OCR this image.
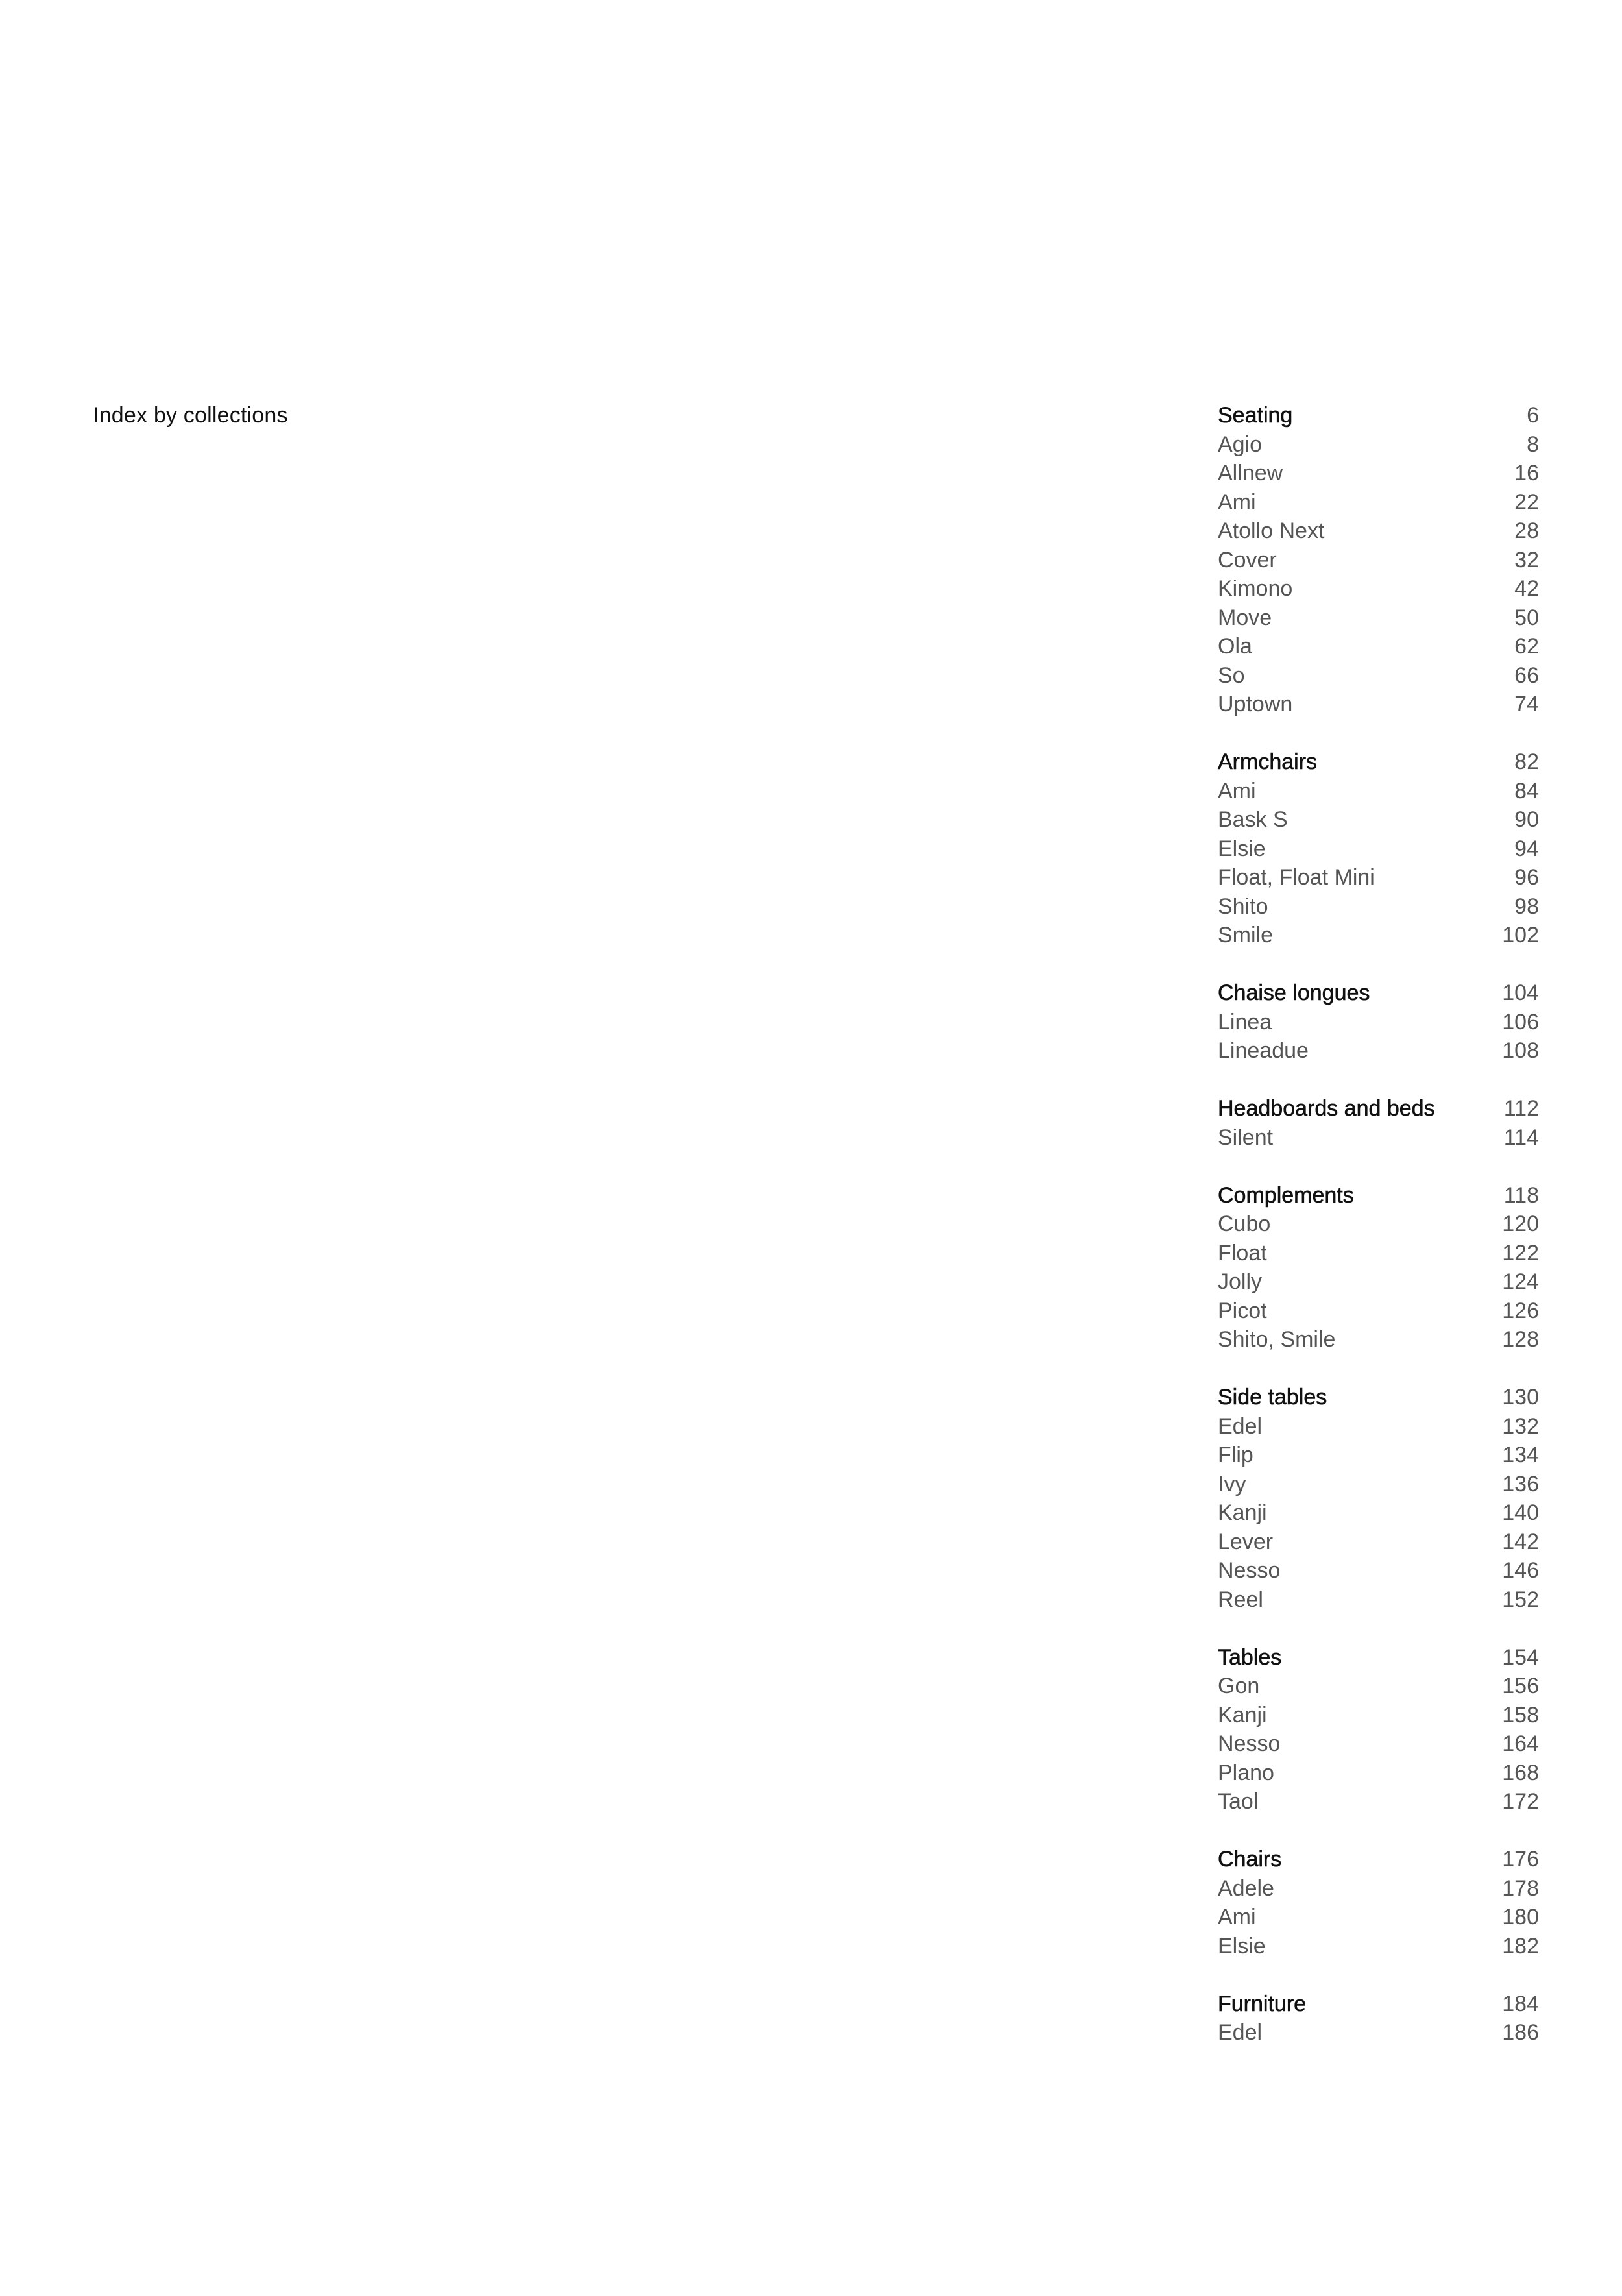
Index by collections	Seating	6
Agio	8
Allnew	16
Ami	22
Atollo Next	28
Cover	32
Kimono	42
Move	50
Ola	62
So	66
Uptown	74
Armchairs	82
Ami	84
Bask S	90
Elsie	94
Float, Float Mini	96
Shito	98
Smile	102
Chaise longues	104
Linea	106
Lineadue	108
Headboards and beds	112
Silent	114
Complements	118
Cubo	120
Float	122
Jolly	124
Picot	126
Shito, Smile	128
Side tables	130
Edel	132
Flip	134
Ivy	136
Kanji	140
Lever	142
Nesso	146
Reel	152
Tables	154
Gon	156
Kanji	158
Nesso	164
Plano	168
Taol	172
Chairs	176
Adele	178
Ami	180
Elsie	182
Furniture	184
Edel	186
